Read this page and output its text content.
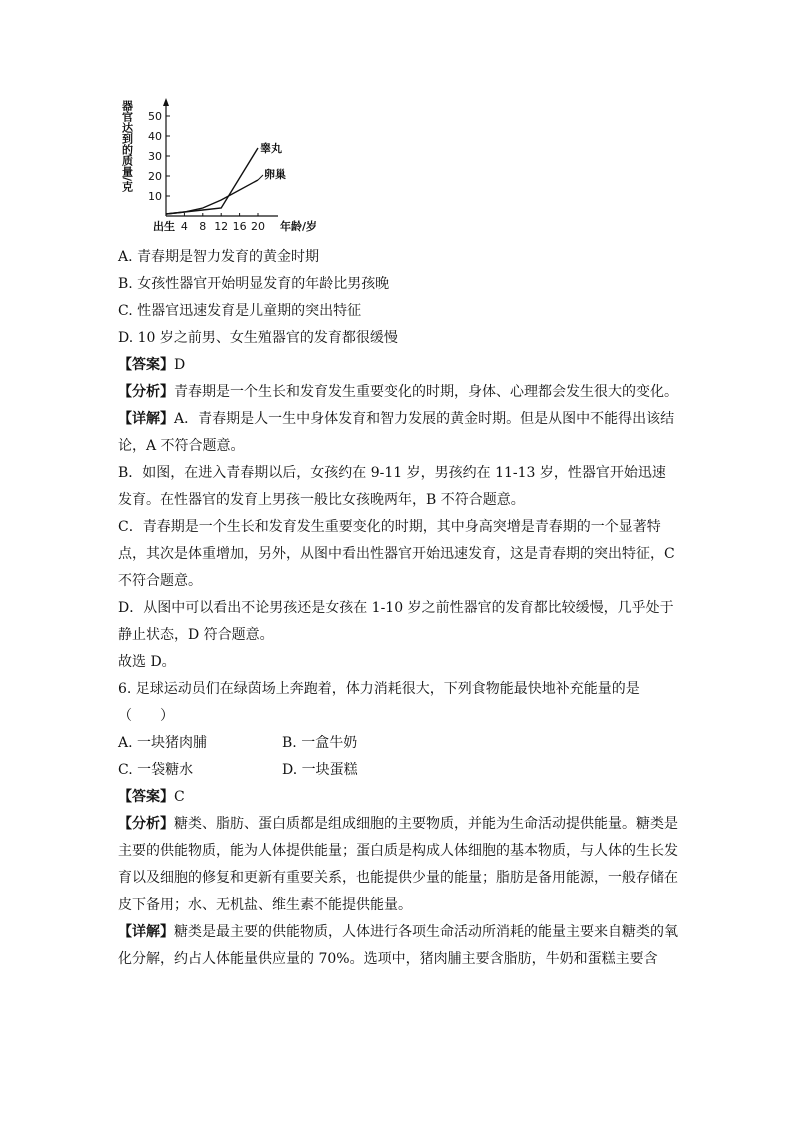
器官达到的质量/克
10
20
30
40
50
出生 4 8 12 16 20 年龄/岁
睾丸
卵巢
A. 青春期是智力发育的黄金时期
B. 女孩性器官开始明显发育的年龄比男孩晚
C. 性器官迅速发育是儿童期的突出特征
D. 10 岁之前男、女生殖器官的发育都很缓慢
【答案】D
【分析】青春期是一个生长和发育发生重要变化的时期，身体、心理都会发生很大的变化。
【详解】A．青春期是人一生中身体发育和智力发展的黄金时期。但是从图中不能得出该结论，A 不符合题意。
B．如图，在进入青春期以后，女孩约在 9-11 岁，男孩约在 11-13 岁，性器官开始迅速发育。在性器官的发育上男孩一般比女孩晚两年，B 不符合题意。
C．青春期是一个生长和发育发生重要变化的时期，其中身高突增是青春期的一个显著特点，其次是体重增加，另外，从图中看出性器官开始迅速发育，这是青春期的突出特征，C 不符合题意。
D．从图中可以看出不论男孩还是女孩在 1-10 岁之前性器官的发育都比较缓慢，几乎处于静止状态，D 符合题意。
故选 D。
6. 足球运动员们在绿茵场上奔跑着，体力消耗很大，下列食物能最快地补充能量的是
（　　）
A. 一块猪肉脯	B. 一盒牛奶
C. 一袋糖水	D. 一块蛋糕
【答案】C
【分析】糖类、脂肪、蛋白质都是组成细胞的主要物质，并能为生命活动提供能量。糖类是主要的供能物质，能为人体提供能量；蛋白质是构成人体细胞的基本物质，与人体的生长发育以及细胞的修复和更新有重要关系，也能提供少量的能量；脂肪是备用能源，一般存储在皮下备用；水、无机盐、维生素不能提供能量。
【详解】糖类是最主要的供能物质，人体进行各项生命活动所消耗的能量主要来自糖类的氧化分解，约占人体能量供应量的 70%。选项中，猪肉脯主要含脂肪，牛奶和蛋糕主要含
